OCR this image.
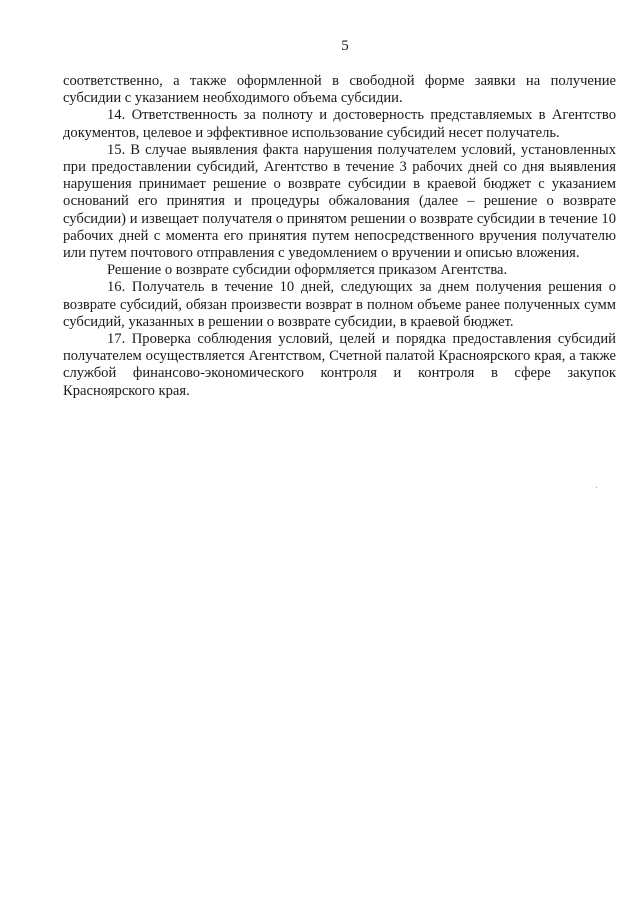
5

соответственно, а также оформленной в свободной форме заявки на получение субсидии с указанием необходимого объема субсидии.

14. Ответственность за полноту и достоверность представляемых в Агентство документов, целевое и эффективное использование субсидий несет получатель.

15. В случае выявления факта нарушения получателем условий, установленных при предоставлении субсидий, Агентство в течение 3 рабочих дней со дня выявления нарушения принимает решение о возврате субсидии в краевой бюджет с указанием оснований его принятия и процедуры обжалования (далее – решение о возврате субсидии) и извещает получателя о принятом решении о возврате субсидии в течение 10 рабочих дней с момента его принятия путем непосредственного вручения получателю или путем почтового отправления с уведомлением о вручении и описью вложения.

Решение о возврате субсидии оформляется приказом Агентства.

16. Получатель в течение 10 дней, следующих за днем получения решения о возврате субсидий, обязан произвести возврат в полном объеме ранее полученных сумм субсидий, указанных в решении о возврате субсидии, в краевой бюджет.

17. Проверка соблюдения условий, целей и порядка предоставления субсидий получателем осуществляется Агентством, Счетной палатой Красноярского края, а также службой финансово-экономического контроля и контроля в сфере закупок Красноярского края.
